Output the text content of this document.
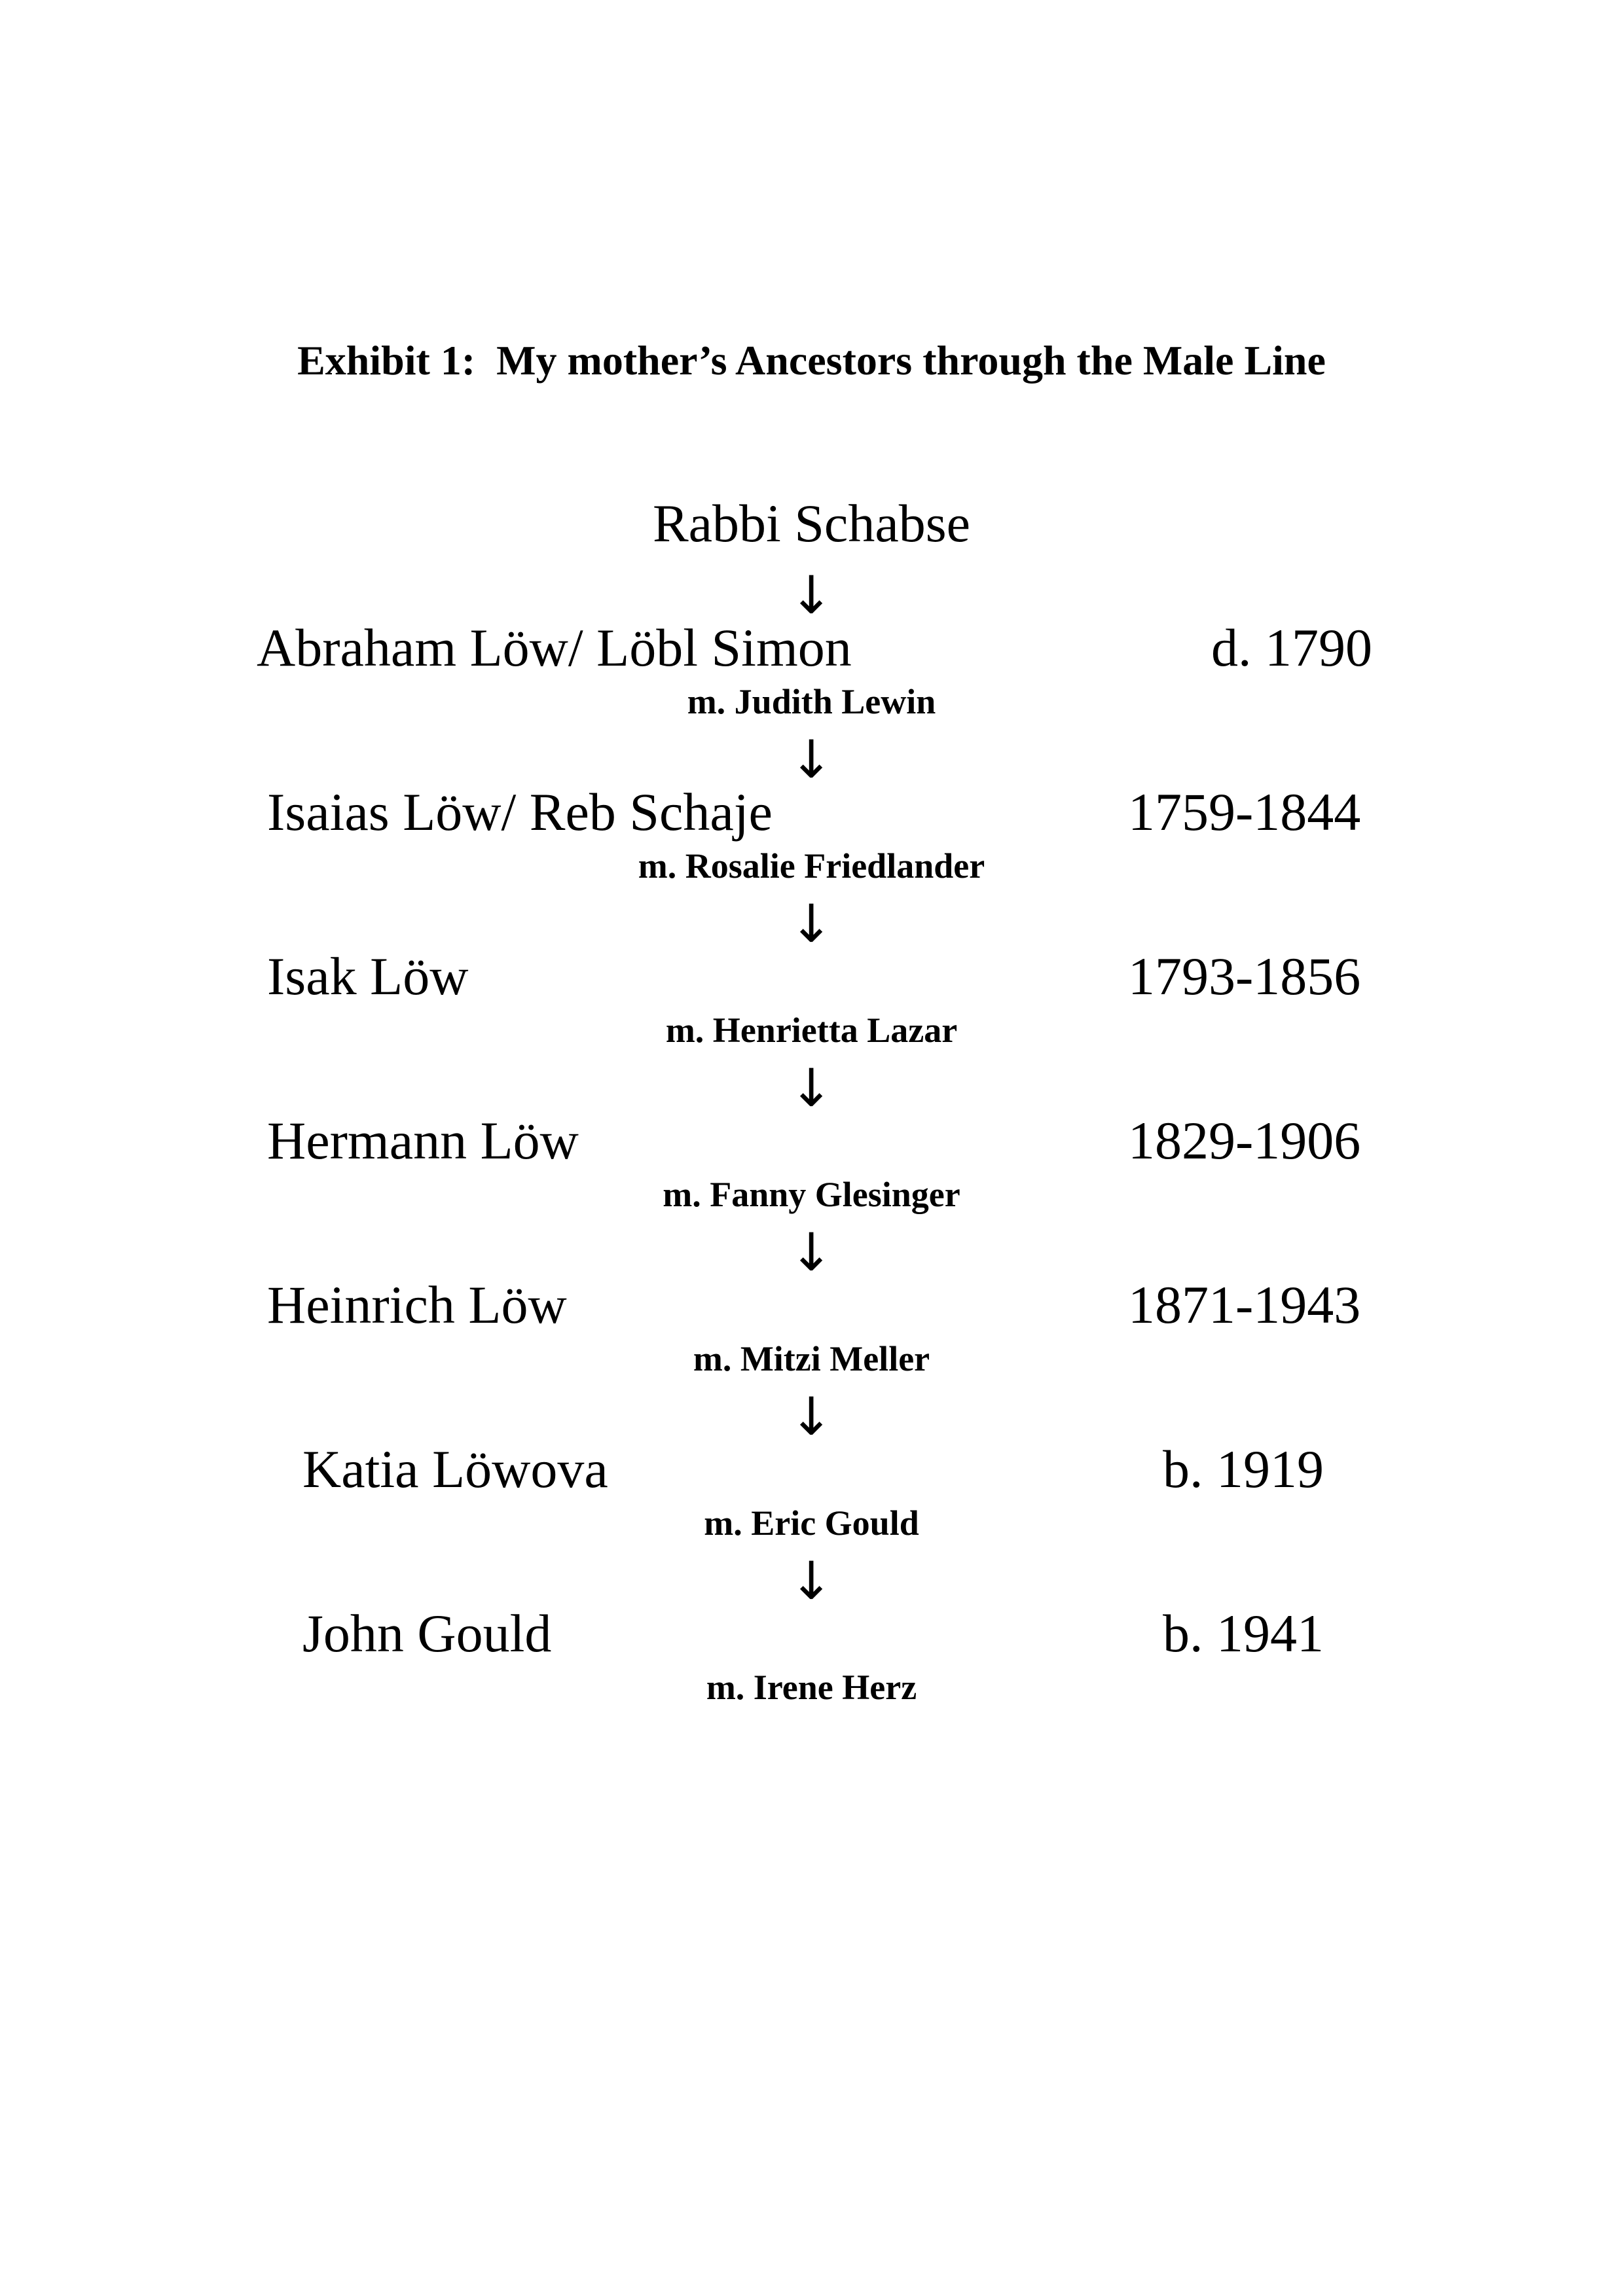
Exhibit 1:  My mother’s Ancestors through the Male Line
Rabbi Schabse
↓
↓
↓
↓
↓
↓
↓
Abraham Löw/ Löbl Simon	d. 1790
m. Judith Lewin
Isaias Löw/ Reb Schaje	1759-1844
m. Rosalie Friedlander
Isak Löw	1793-1856
m. Henrietta Lazar
Hermann Löw	1829-1906
m. Fanny Glesinger
Heinrich Löw	1871-1943
m. Mitzi Meller
Katia Löwova	b. 1919
m. Eric Gould
John Gould	b. 1941
m. Irene Herz
